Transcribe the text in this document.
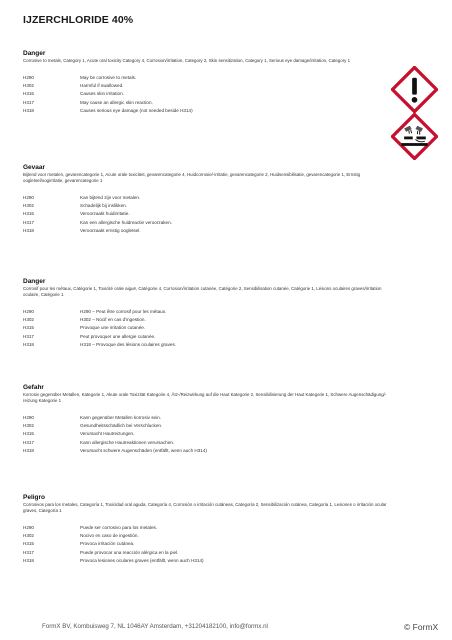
IJZERCHLORIDE 40%
Danger
Corrosive to metals, Category 1, Acute oral toxicity Category 4, Corrosion/irritation, Category 2, Skin sensitization, Category 1, Serious eye damage/irritation, Category 1
H290	May be corrosive to metals.
H302	Harmful if swallowed.
H315	Causes skin irritation.
H317	May cause an allergic skin reaction.
H318	Causes serious eye damage (not needed beside H314)
Gevaar
Bijtend voor metalen, gevarencategorie 1, Acute orale toxiciteit, gevarencategorie 4, Huidcorrosie/-irritatie, gevarencategorie 2, Huidsensibilisatie, gevarencategorie 1, Ernstig oogletsel/oogirritatie, gevarencategorie 1
H290	Kan bijtend zijn voor metalen.
H302	Schadelijk bij inslikken.
H315	Veroorzaakt huidirritatie.
H317	Kan een allergische huidreactie veroorzaken.
H318	Veroorzaakt ernstig oogletsel.
Danger
Corrosif pour les métaux, Catégorie 1, Toxicité orale aiguë, Catégorie 4, Corrosion/irritation cutanée, Catégorie 2, Sensibilisation cutanée, Catégorie 1, Lésions oculaires graves/irritation oculaire, Catégorie 1
H290	H290 – Peut être corrosif pour les métaux.
H302	H302 – Nocif en cas d'ingestion.
H315	Provoque une irritation cutanée.
H317	Peut provoquer une allergie cutanée.
H318	H318 – Provoque des lésions oculaires graves.
Gefahr
Korrosiv gegenüber Metallen, Kategorie 1, Akute orale Toxizität Kategorie 4, Ätz-/Reizwirkung auf die Haut Kategorie 2, Sensibilisierung der Haut Kategorie 1, Schwere Augenschädigung/-reizung Kategorie 1
H290	Kann gegenüber Metallen korrosiv sein.
H302	Gesundheitsschädlich bei Verschlucken.
H315	Verursacht Hautreizungen.
H317	Kann allergische Hautreaktionen verursachen.
H318	Verursacht schwere Augenschäden (entfällt, wenn auch H314)
Peligro
Corrosivos para los metales, Categoría 1, Toxicidad oral aguda, Categoría 4, Corrosión o irritación cutáneas, Categoría 2, Sensibilización cutánea, Categoría 1, Lesiones o irritación ocular graves, Categoría 1
H290	Puede ser corrosivo para los metales.
H302	Nocivo en caso de ingestión.
H315	Provoca irritación cutánea.
H317	Puede provocar una reacción alérgica en la piel.
H318	Provoca lesiones oculares graves (entfällt, wenn auch H314)
FormX BV, Kombuisweg 7, NL 1046AY Amsterdam, +31204182100, info@formx.nl	© FormX
